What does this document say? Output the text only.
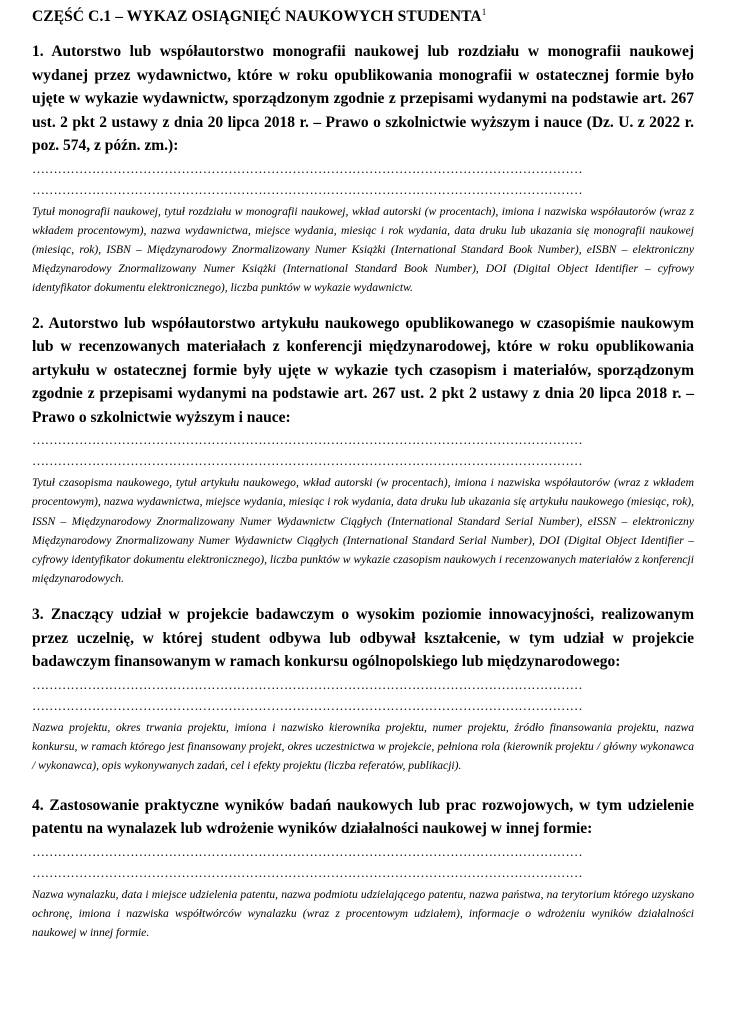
CZĘŚĆ C.1 – WYKAZ OSIĄGNIĘĆ NAUKOWYCH STUDENTA$^1$

1. Autorstwo lub współautorstwo monografii naukowej lub rozdziału w monografii naukowej wydanej przez wydawnictwo, które w roku opublikowania monografii w ostatecznej formie było ujęte w wykazie wydawnictw, sporządzonym zgodnie z przepisami wydanymi na podstawie art. 267 ust. 2 pkt 2 ustawy z dnia 20 lipca 2018 r. – Prawo o szkolnictwie wyższym i nauce (Dz. U. z 2022 r. poz. 574, z późn. zm.):

…………………………………………………………………………………………………………………

…………………………………………………………………………………………………………………

Tytuł monografii naukowej, tytuł rozdziału w monografii naukowej, wkład autorski (w procentach), imiona i nazwiska współautorów (wraz z wkładem procentowym), nazwa wydawnictwa, miejsce wydania, miesiąc i rok wydania, data druku lub ukazania się monografii naukowej (miesiąc, rok), ISBN – Międzynarodowy Znormalizowany Numer Książki (International Standard Book Number), eISBN – elektroniczny Międzynarodowy Znormalizowany Numer Książki (International Standard Book Number), DOI (Digital Object Identifier – cyfrowy identyfikator dokumentu elektronicznego), liczba punktów w wykazie wydawnictw.

2. Autorstwo lub współautorstwo artykułu naukowego opublikowanego w czasopiśmie naukowym lub w recenzowanych materiałach z konferencji międzynarodowej, które w roku opublikowania artykułu w ostatecznej formie były ujęte w wykazie tych czasopism i materiałów, sporządzonym zgodnie z przepisami wydanymi na podstawie art. 267 ust. 2 pkt 2 ustawy z dnia 20 lipca 2018 r. – Prawo o szkolnictwie wyższym i nauce:

…………………………………………………………………………………………………………………

…………………………………………………………………………………………………………………

Tytuł czasopisma naukowego, tytuł artykułu naukowego, wkład autorski (w procentach), imiona i nazwiska współautorów (wraz z wkładem procentowym), nazwa wydawnictwa, miejsce wydania, miesiąc i rok wydania, data druku lub ukazania się artykułu naukowego (miesiąc, rok), ISSN – Międzynarodowy Znormalizowany Numer Wydawnictw Ciągłych (International Standard Serial Number), eISSN – elektroniczny Międzynarodowy Znormalizowany Numer Wydawnictw Ciągłych (International Standard Serial Number), DOI (Digital Object Identifier – cyfrowy identyfikator dokumentu elektronicznego), liczba punktów w wykazie czasopism naukowych i recenzowanych materiałów z konferencji międzynarodowych.

3. Znaczący udział w projekcie badawczym o wysokim poziomie innowacyjności, realizowanym przez uczelnię, w której student odbywa lub odbywał kształcenie, w tym udział w projekcie badawczym finansowanym w ramach konkursu ogólnopolskiego lub międzynarodowego:

…………………………………………………………………………………………………………………

…………………………………………………………………………………………………………………

Nazwa projektu, okres trwania projektu, imiona i nazwisko kierownika projektu, numer projektu, źródło finansowania projektu, nazwa konkursu, w ramach którego jest finansowany projekt, okres uczestnictwa w projekcie, pełniona rola (kierownik projektu / główny wykonawca / wykonawca), opis wykonywanych zadań, cel i efekty projektu (liczba referatów, publikacji).

4. Zastosowanie praktyczne wyników badań naukowych lub prac rozwojowych, w tym udzielenie patentu na wynalazek lub wdrożenie wyników działalności naukowej w innej formie:

…………………………………………………………………………………………………………………

…………………………………………………………………………………………………………………

Nazwa wynalazku, data i miejsce udzielenia patentu, nazwa podmiotu udzielającego patentu, nazwa państwa, na terytorium którego uzyskano ochronę, imiona i nazwiska współtwórców wynalazku (wraz z procentowym udziałem), informacje o wdrożeniu wyników działalności naukowej w innej formie.
